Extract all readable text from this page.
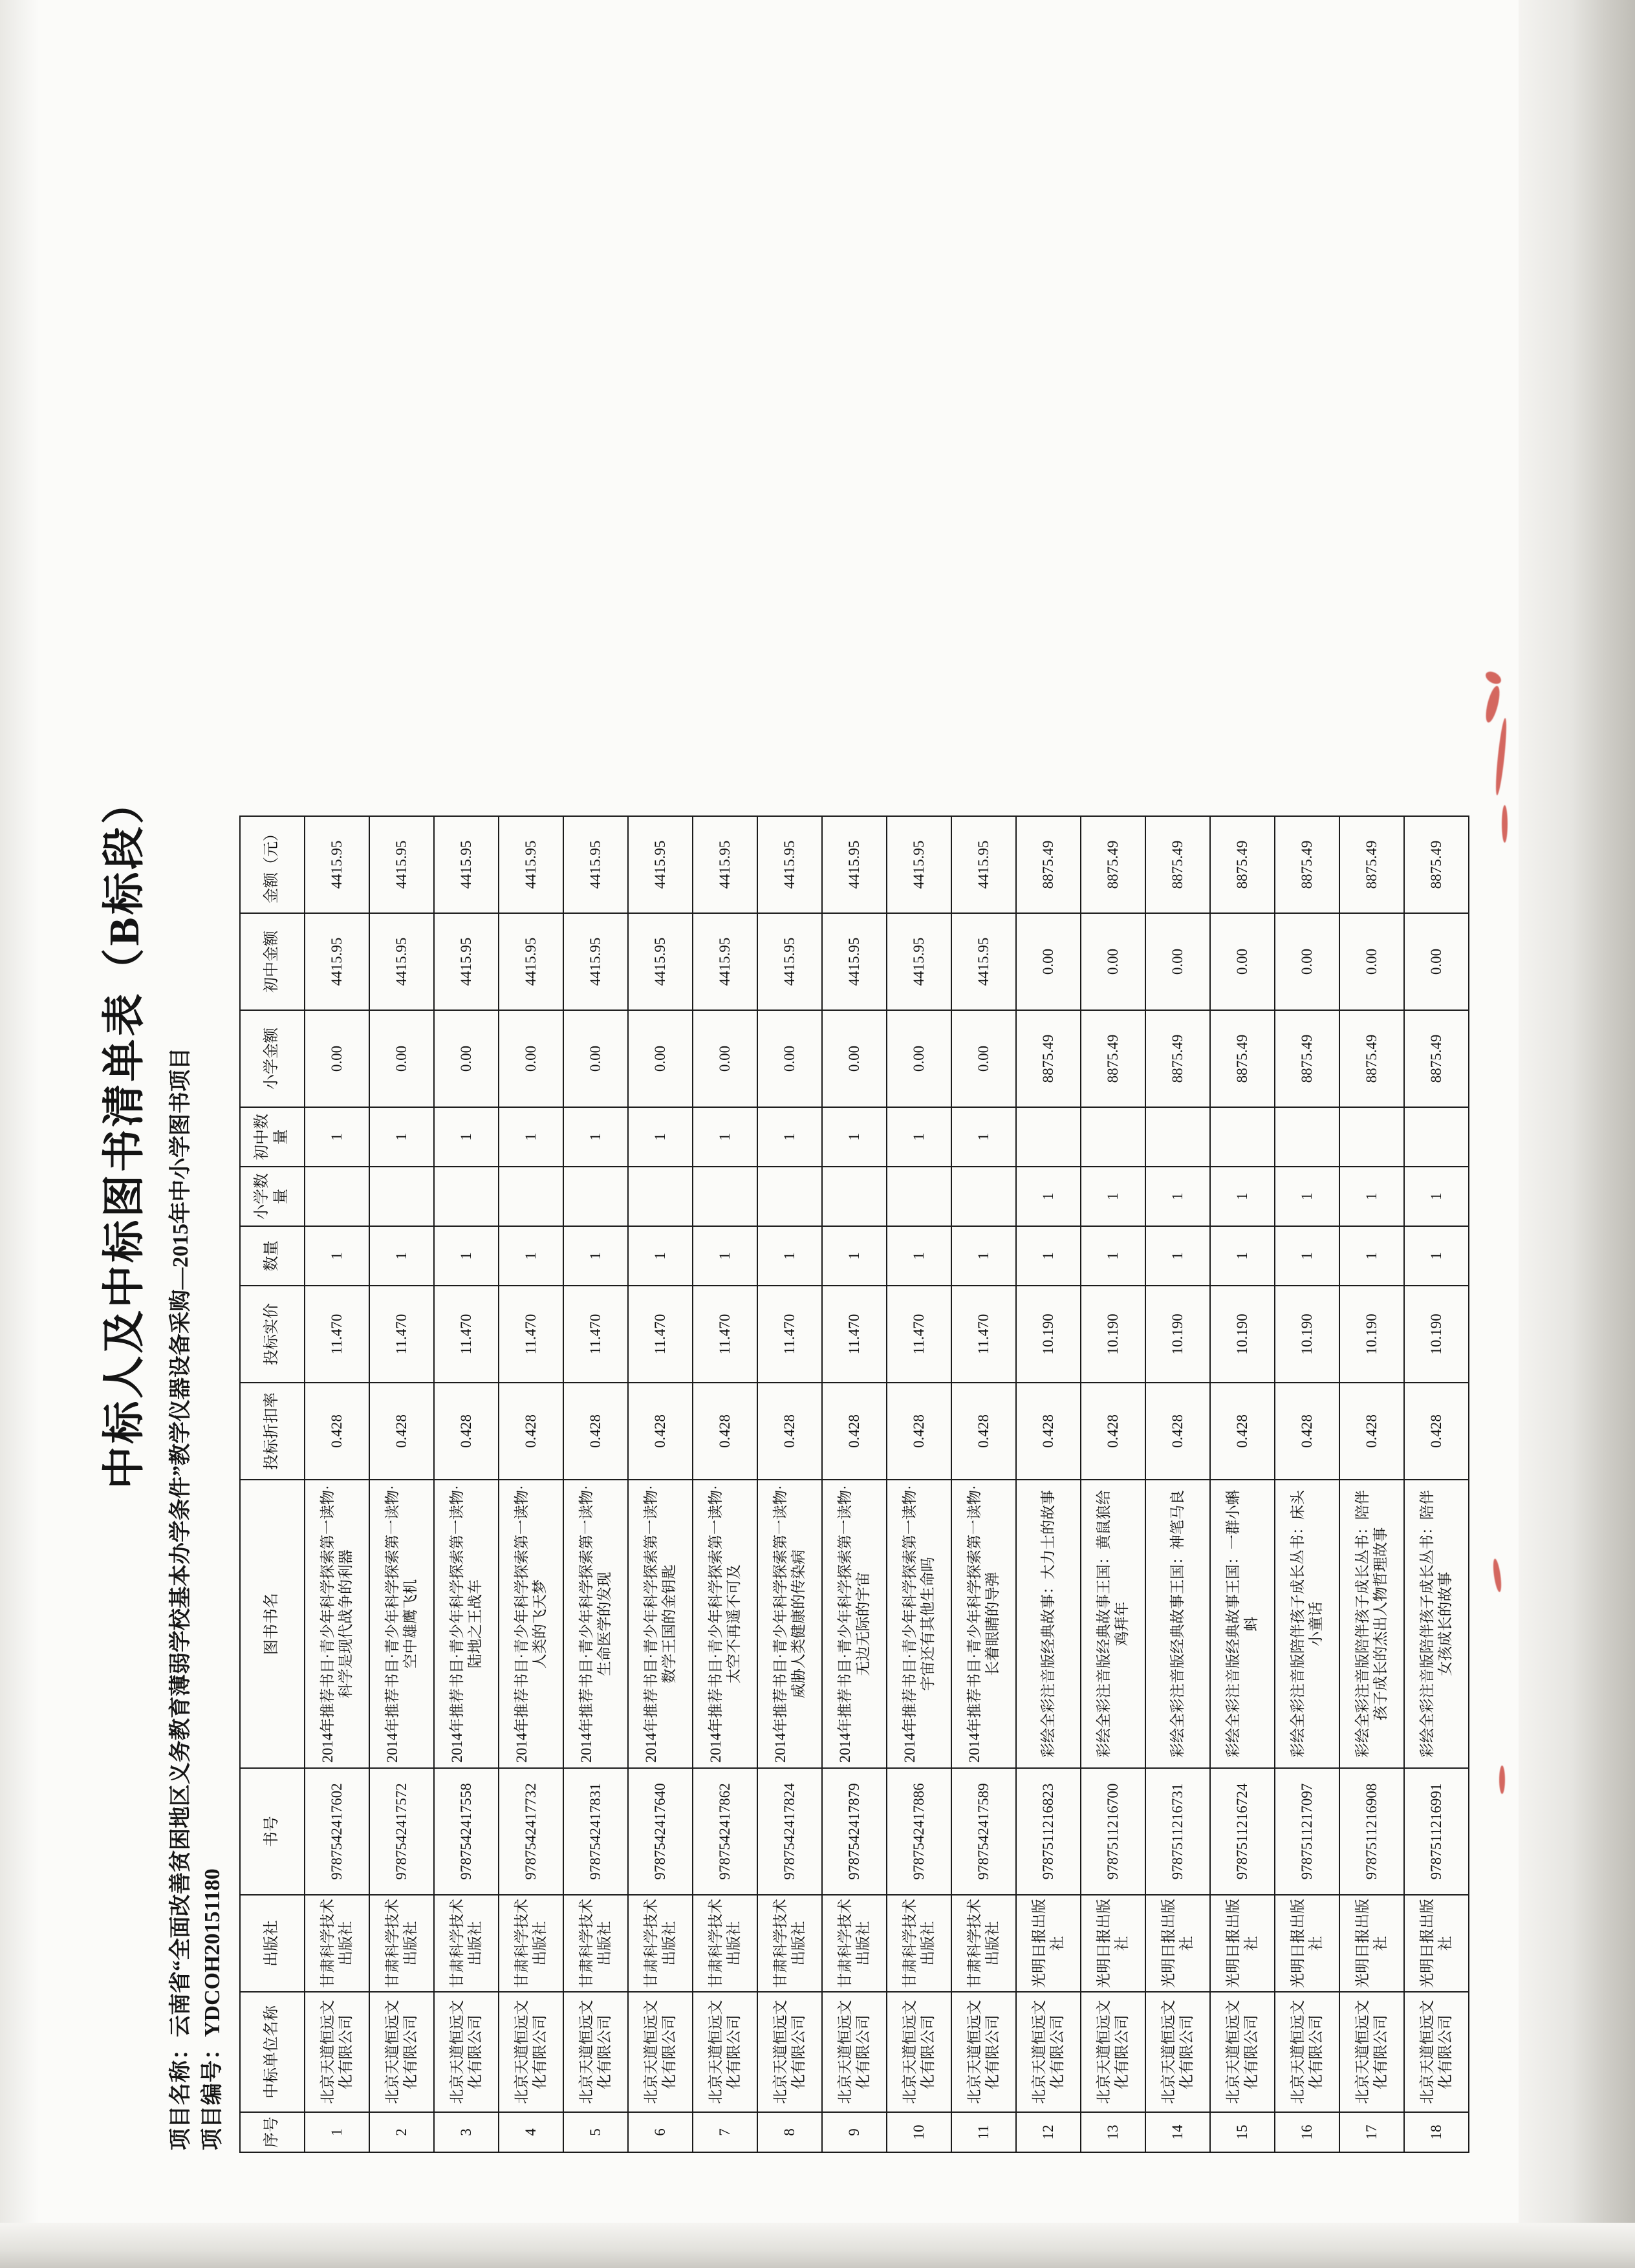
中标人及中标图书清单表（B标段）
项目名称：云南省“全面改善贫困地区义务教育薄弱学校基本办学条件”教学仪器设备采购—2015年中小学图书项目
项目编号：YDCOH20151180
序号	中标单位名称	出版社	书号	图书书名	投标折扣率	投标实价	数量	小学数量	初中数量	小学金额	初中金额	金额（元）
1	北京天道恒远文化有限公司	甘肃科学技术出版社	9787542417602	2014年推荐书目·青少年科学探索第一读物·科学是现代战争的利器	0.428	11.470	1		1	0.00	4415.95	4415.95
2	北京天道恒远文化有限公司	甘肃科学技术出版社	9787542417572	2014年推荐书目·青少年科学探索第一读物·空中雄鹰飞机	0.428	11.470	1		1	0.00	4415.95	4415.95
3	北京天道恒远文化有限公司	甘肃科学技术出版社	9787542417558	2014年推荐书目·青少年科学探索第一读物·陆地之王战车	0.428	11.470	1		1	0.00	4415.95	4415.95
4	北京天道恒远文化有限公司	甘肃科学技术出版社	9787542417732	2014年推荐书目·青少年科学探索第一读物·人类的飞天梦	0.428	11.470	1		1	0.00	4415.95	4415.95
5	北京天道恒远文化有限公司	甘肃科学技术出版社	9787542417831	2014年推荐书目·青少年科学探索第一读物·生命医学的发现	0.428	11.470	1		1	0.00	4415.95	4415.95
6	北京天道恒远文化有限公司	甘肃科学技术出版社	9787542417640	2014年推荐书目·青少年科学探索第一读物·数学王国的金钥匙	0.428	11.470	1		1	0.00	4415.95	4415.95
7	北京天道恒远文化有限公司	甘肃科学技术出版社	9787542417862	2014年推荐书目·青少年科学探索第一读物·太空不再遥不可及	0.428	11.470	1		1	0.00	4415.95	4415.95
8	北京天道恒远文化有限公司	甘肃科学技术出版社	9787542417824	2014年推荐书目·青少年科学探索第一读物·威胁人类健康的传染病	0.428	11.470	1		1	0.00	4415.95	4415.95
9	北京天道恒远文化有限公司	甘肃科学技术出版社	9787542417879	2014年推荐书目·青少年科学探索第一读物·无边无际的宇宙	0.428	11.470	1		1	0.00	4415.95	4415.95
10	北京天道恒远文化有限公司	甘肃科学技术出版社	9787542417886	2014年推荐书目·青少年科学探索第一读物·宇宙还有其他生命吗	0.428	11.470	1		1	0.00	4415.95	4415.95
11	北京天道恒远文化有限公司	甘肃科学技术出版社	9787542417589	2014年推荐书目·青少年科学探索第一读物·长着眼睛的导弹	0.428	11.470	1		1	0.00	4415.95	4415.95
12	北京天道恒远文化有限公司	光明日报出版社	9787511216823	彩绘全彩注音版经典故事：大力士的故事	0.428	10.190	1	1		8875.49	0.00	8875.49
13	北京天道恒远文化有限公司	光明日报出版社	9787511216700	彩绘全彩注音版经典故事王国：黄鼠狼给鸡拜年	0.428	10.190	1	1		8875.49	0.00	8875.49
14	北京天道恒远文化有限公司	光明日报出版社	9787511216731	彩绘全彩注音版经典故事王国：神笔马良	0.428	10.190	1	1		8875.49	0.00	8875.49
15	北京天道恒远文化有限公司	光明日报出版社	9787511216724	彩绘全彩注音版经典故事王国：一群小蝌蚪	0.428	10.190	1	1		8875.49	0.00	8875.49
16	北京天道恒远文化有限公司	光明日报出版社	9787511217097	彩绘全彩注音版陪伴孩子成长丛书：床头小童话	0.428	10.190	1	1		8875.49	0.00	8875.49
17	北京天道恒远文化有限公司	光明日报出版社	9787511216908	彩绘全彩注音版陪伴孩子成长丛书：陪伴孩子成长的杰出人物哲理故事	0.428	10.190	1	1		8875.49	0.00	8875.49
18	北京天道恒远文化有限公司	光明日报出版社	9787511216991	彩绘全彩注音版陪伴孩子成长丛书：陪伴女孩成长的故事	0.428	10.190	1	1		8875.49	0.00	8875.49
